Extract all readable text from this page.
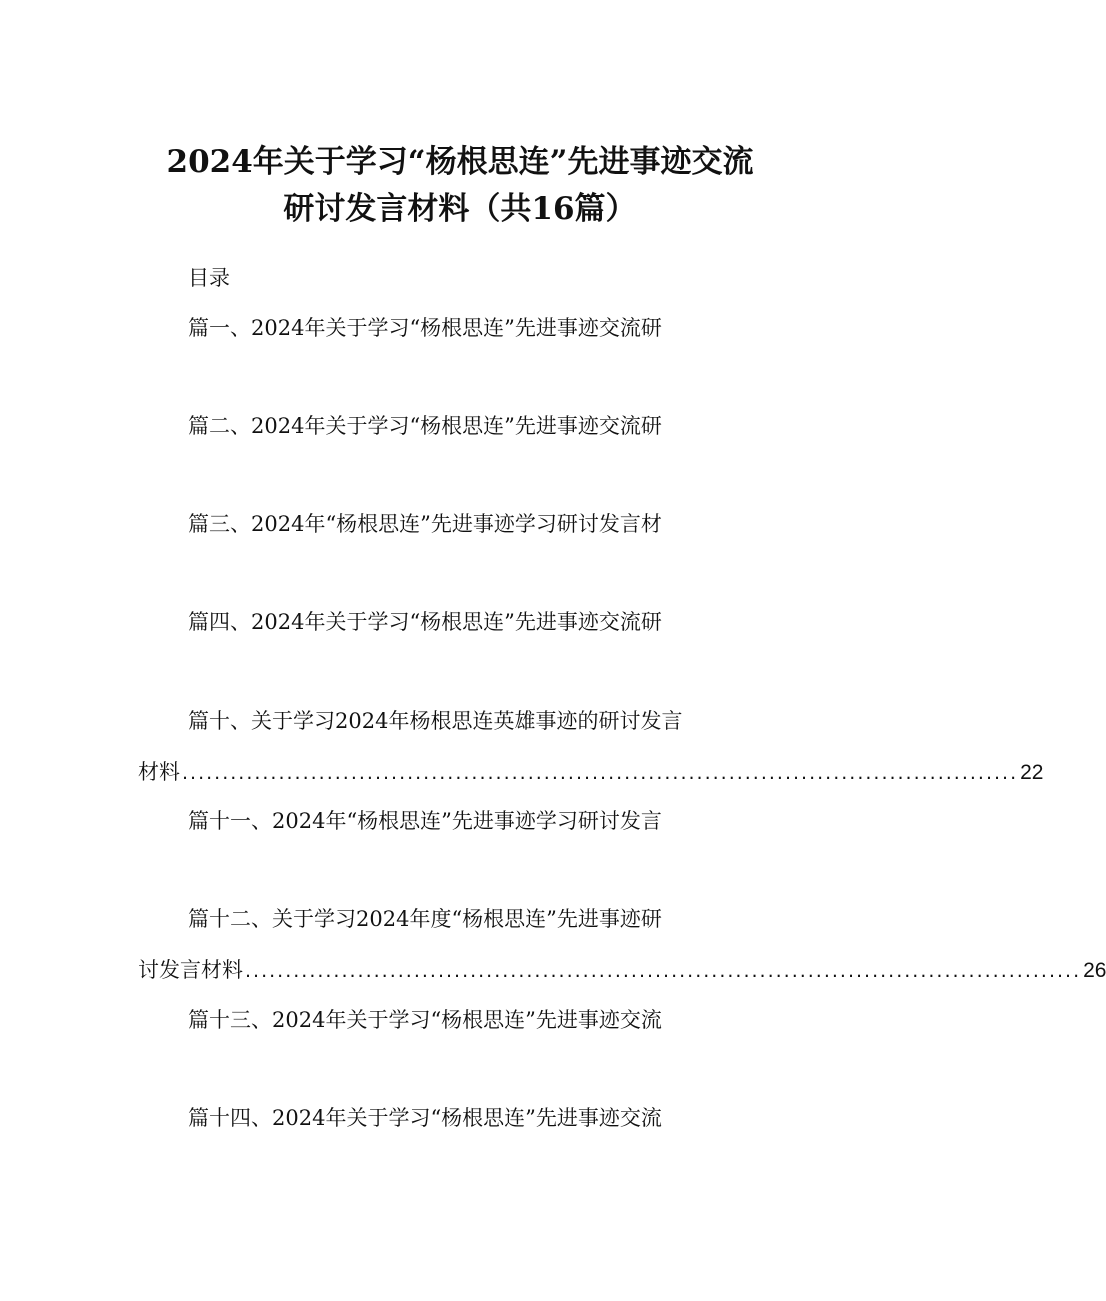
2024年关于学习“杨根思连”先进事迹交流
研讨发言材料（共16篇）
目录
篇一、2024年关于学习“杨根思连”先进事迹交流研
篇二、2024年关于学习“杨根思连”先进事迹交流研
篇三、2024年“杨根思连”先进事迹学习研讨发言材
篇四、2024年关于学习“杨根思连”先进事迹交流研
篇十、关于学习2024年杨根思连英雄事迹的研讨发言
材料 ........................................................................................................ 22
篇十一、2024年“杨根思连”先进事迹学习研讨发言
篇十二、关于学习2024年度“杨根思连”先进事迹研
讨发言材料 ........................................................................................................ 26
篇十三、2024年关于学习“杨根思连”先进事迹交流
篇十四、2024年关于学习“杨根思连”先进事迹交流
